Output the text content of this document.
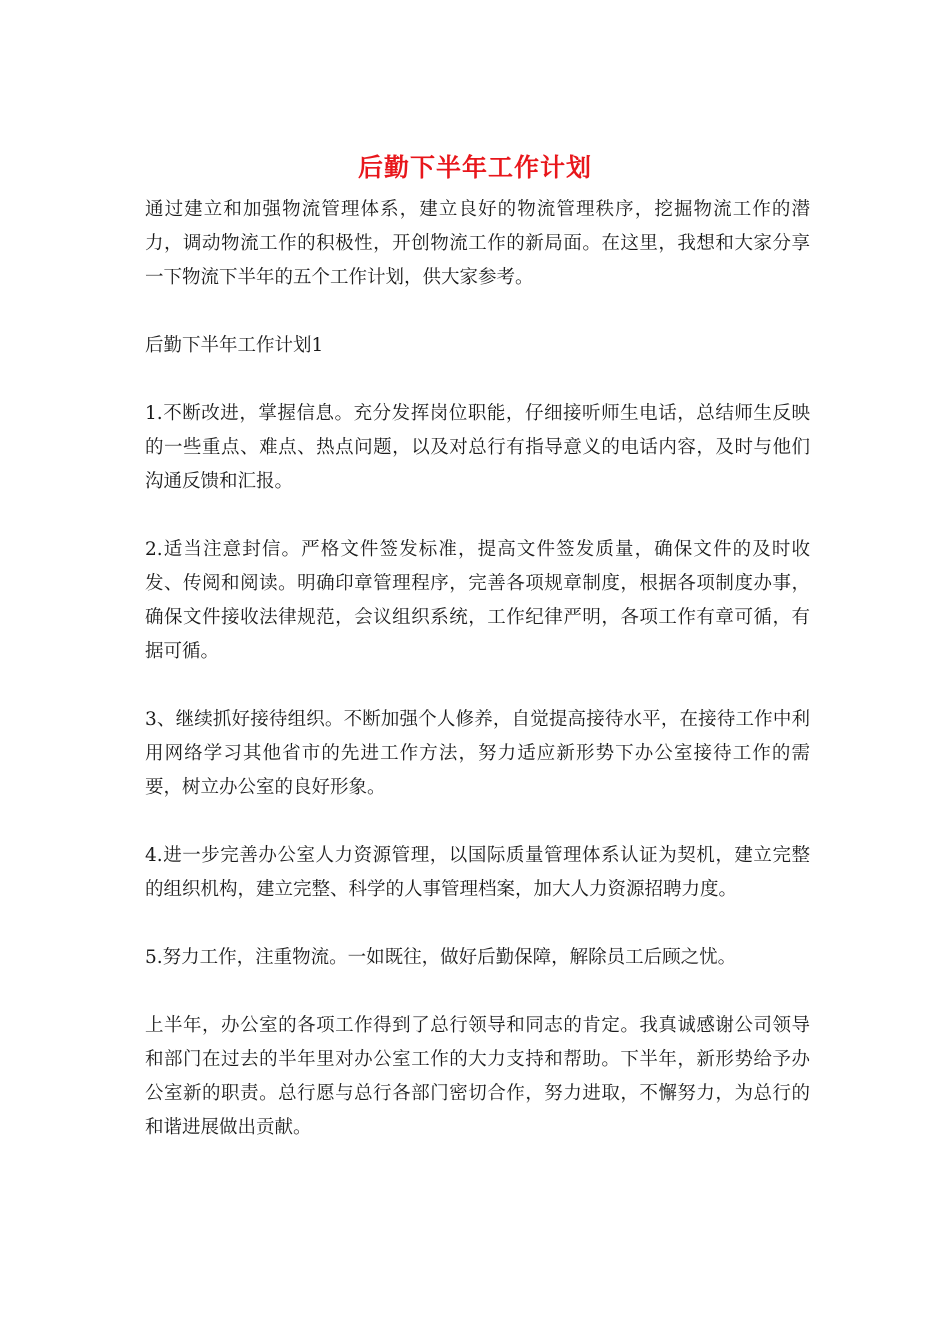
后勤下半年工作计划

通过建立和加强物流管理体系，建立良好的物流管理秩序，挖掘物流工作的潜力，调动物流工作的积极性，开创物流工作的新局面。在这里，我想和大家分享一下物流下半年的五个工作计划，供大家参考。

后勤下半年工作计划1

1.不断改进，掌握信息。充分发挥岗位职能，仔细接听师生电话，总结师生反映的一些重点、难点、热点问题，以及对总行有指导意义的电话内容，及时与他们沟通反馈和汇报。

2.适当注意封信。严格文件签发标准，提高文件签发质量，确保文件的及时收发、传阅和阅读。明确印章管理程序，完善各项规章制度，根据各项制度办事，确保文件接收法律规范，会议组织系统，工作纪律严明，各项工作有章可循，有据可循。

3、继续抓好接待组织。不断加强个人修养，自觉提高接待水平，在接待工作中利用网络学习其他省市的先进工作方法，努力适应新形势下办公室接待工作的需要，树立办公室的良好形象。

4.进一步完善办公室人力资源管理，以国际质量管理体系认证为契机，建立完整的组织机构，建立完整、科学的人事管理档案，加大人力资源招聘力度。

5.努力工作，注重物流。一如既往，做好后勤保障，解除员工后顾之忧。

上半年，办公室的各项工作得到了总行领导和同志的肯定。我真诚感谢公司领导和部门在过去的半年里对办公室工作的大力支持和帮助。下半年，新形势给予办公室新的职责。总行愿与总行各部门密切合作，努力进取，不懈努力，为总行的和谐进展做出贡献。
